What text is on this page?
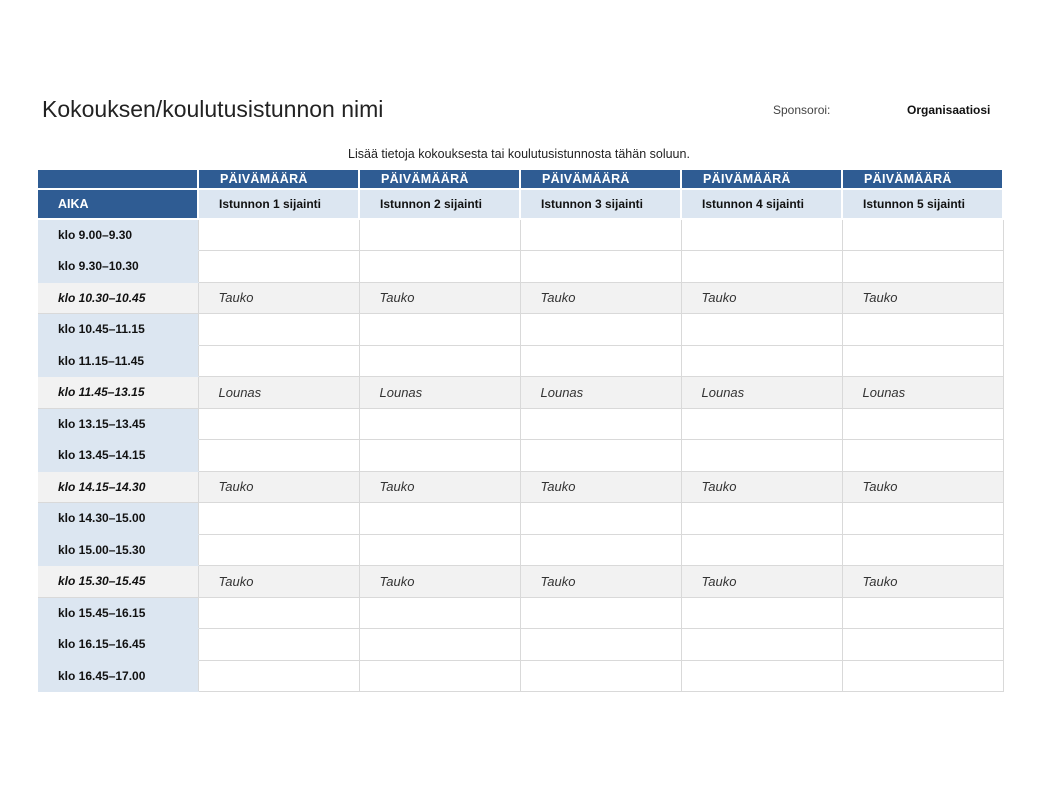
Kokouksen/koulutusistunnon nimi	Sponsoroi:	Organisaatiosi
Lisää tietoja kokouksesta tai koulutusistunnosta tähän soluun.
	PÄIVÄMÄÄRÄ	PÄIVÄMÄÄRÄ	PÄIVÄMÄÄRÄ	PÄIVÄMÄÄRÄ	PÄIVÄMÄÄRÄ
AIKA	Istunnon 1 sijainti	Istunnon 2 sijainti	Istunnon 3 sijainti	Istunnon 4 sijainti	Istunnon 5 sijainti
klo 9.00–9.30					
klo 9.30–10.30					
klo 10.30–10.45	Tauko	Tauko	Tauko	Tauko	Tauko
klo 10.45–11.15					
klo 11.15–11.45					
klo 11.45–13.15	Lounas	Lounas	Lounas	Lounas	Lounas
klo 13.15–13.45					
klo 13.45–14.15					
klo 14.15–14.30	Tauko	Tauko	Tauko	Tauko	Tauko
klo 14.30–15.00					
klo 15.00–15.30					
klo 15.30–15.45	Tauko	Tauko	Tauko	Tauko	Tauko
klo 15.45–16.15					
klo 16.15–16.45					
klo 16.45–17.00					
